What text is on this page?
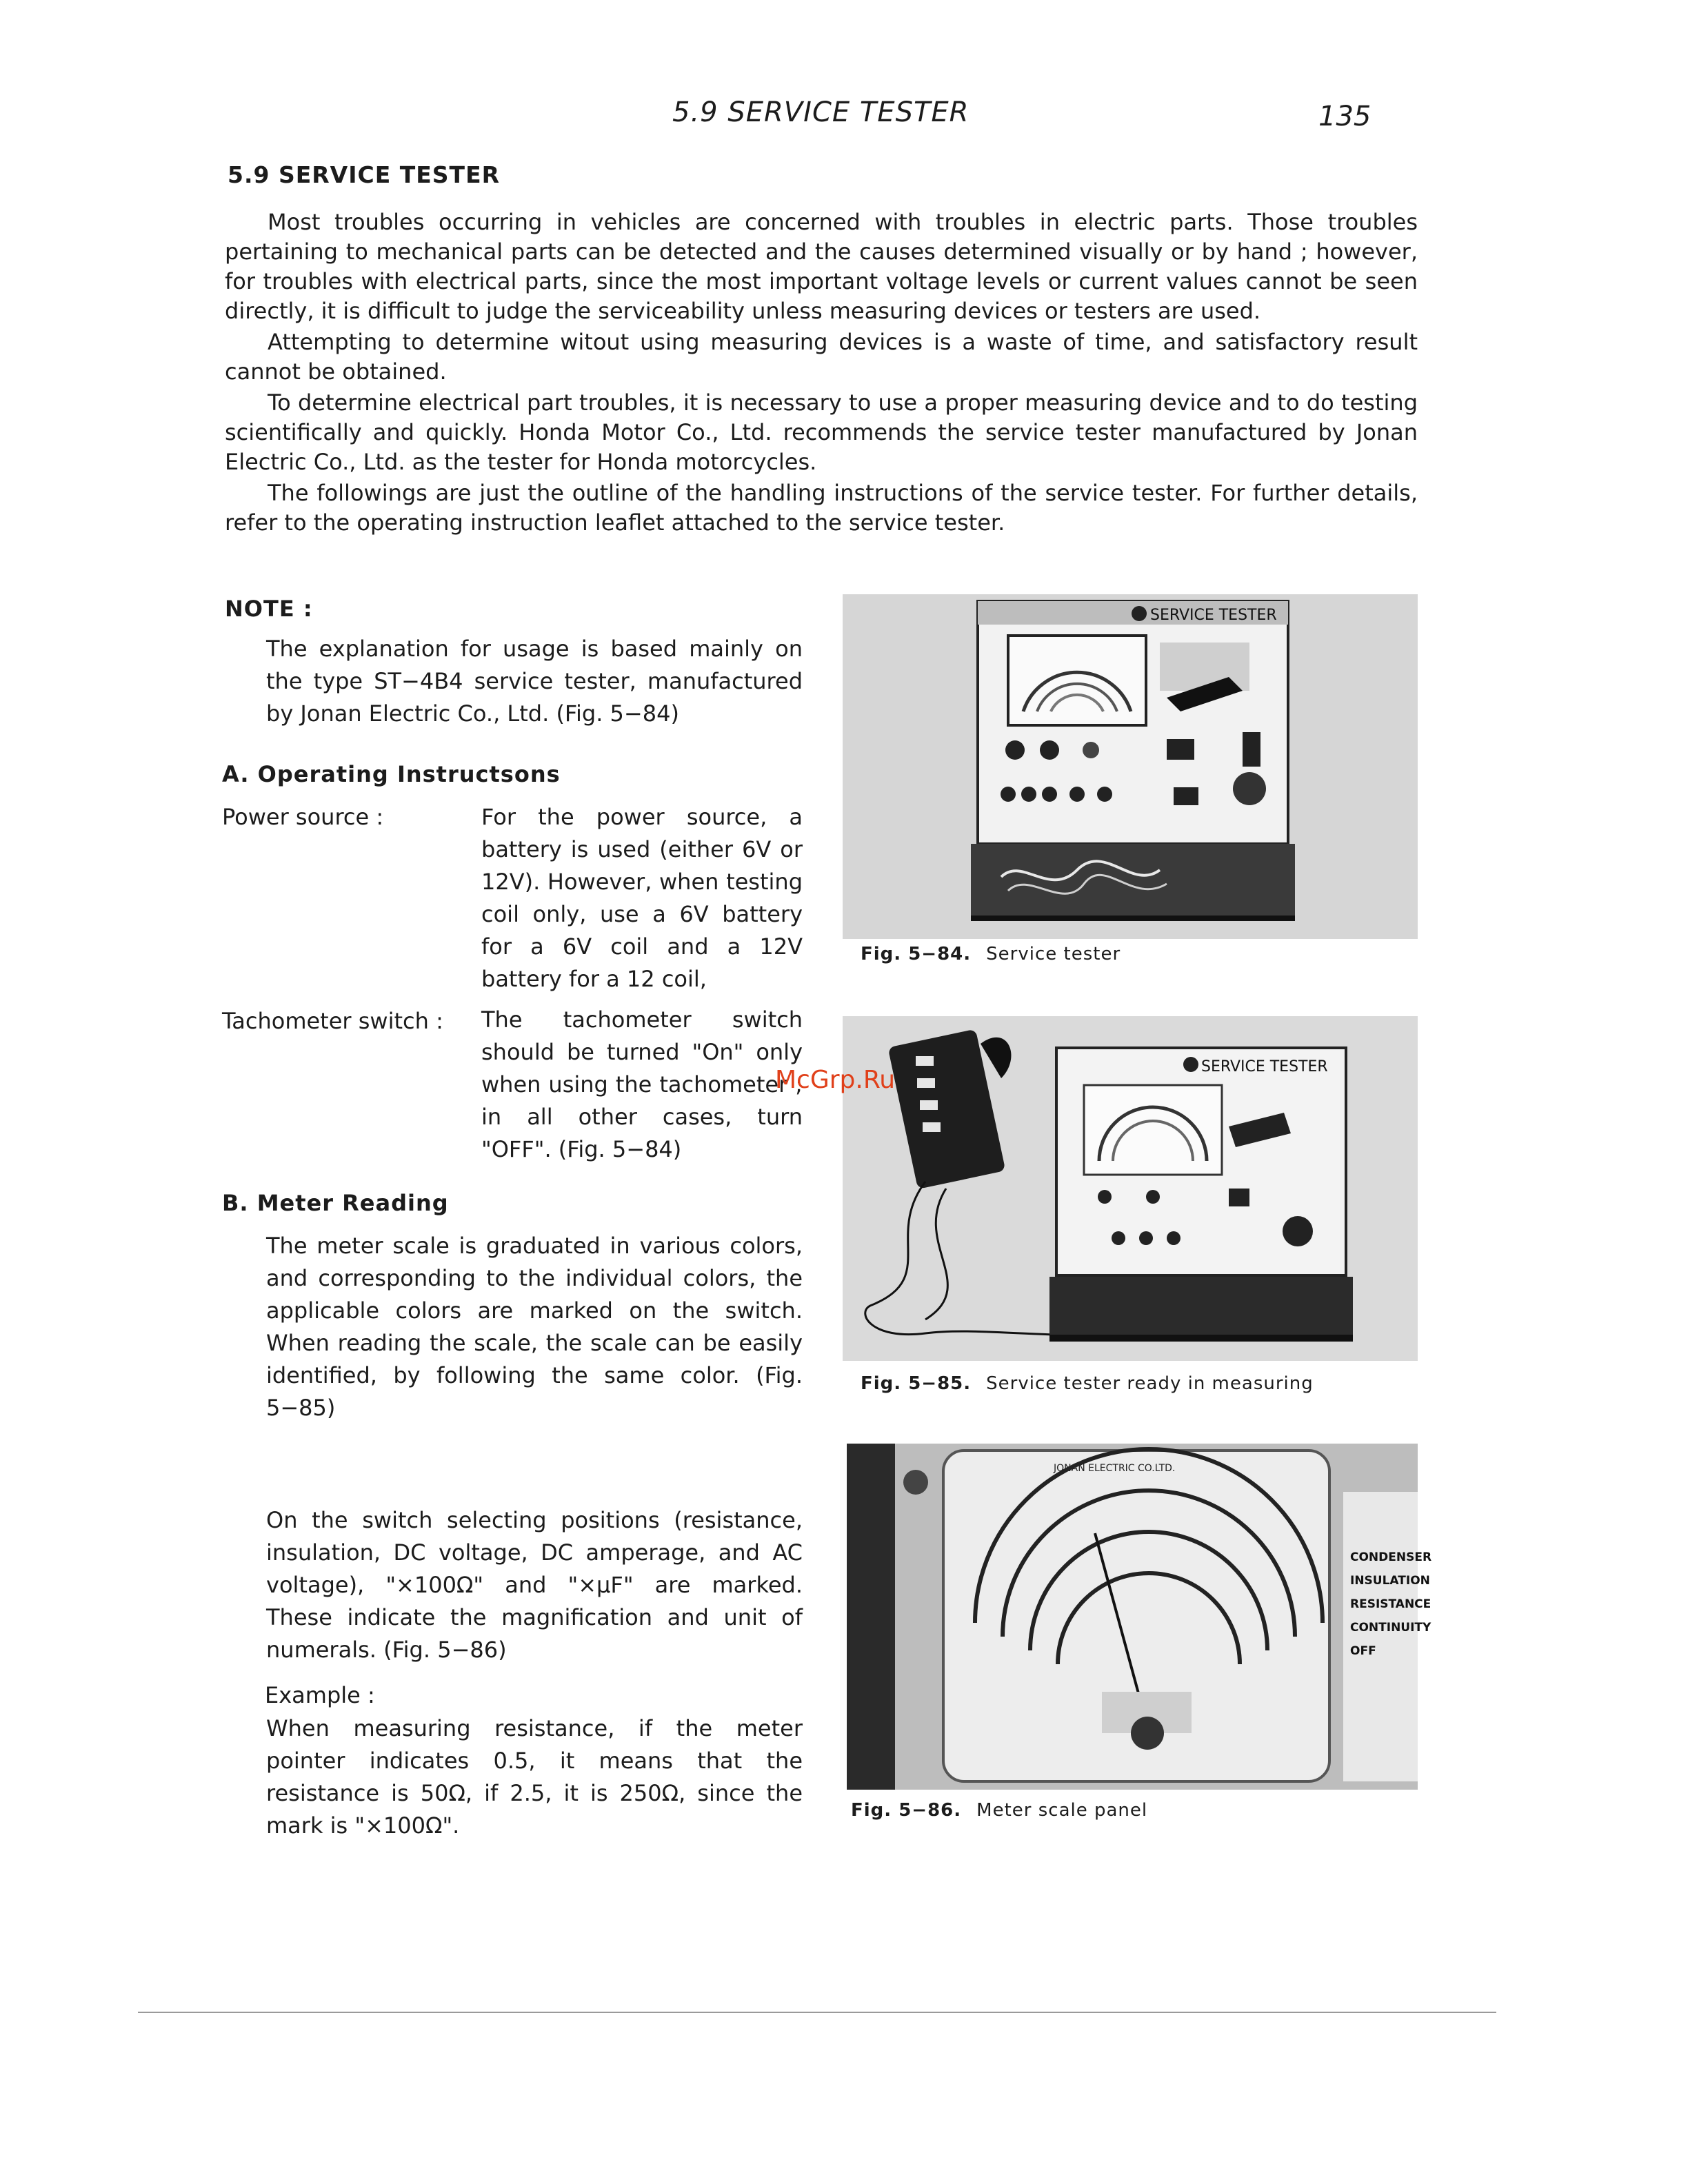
5.9 SERVICE TESTER	135
5.9 SERVICE TESTER

Most troubles occurring in vehicles are concerned with troubles in electric parts. Those troubles pertaining to mechanical parts can be detected and the causes determined visually or by hand ; however, for troubles with electrical parts, since the most important voltage levels or current values cannot be seen directly, it is difficult to judge the serviceability unless measuring devices or testers are used.

Attempting to determine witout using measuring devices is a waste of time, and satisfactory result cannot be obtained.

To determine electrical part troubles, it is necessary to use a proper measuring device and to do testing scientifically and quickly. Honda Motor Co., Ltd. recommends the service tester manufactured by Jonan Electric Co., Ltd. as the tester for Honda motorcycles.

The followings are just the outline of the handling instructions of the service tester. For further details, refer to the operating instruction leaflet attached to the service tester.

NOTE :
The explanation for usage is based mainly on the type ST−4B4 service tester, manufactured by Jonan Electric Co., Ltd. (Fig. 5−84)
A. Operating Instructsons
Power source :	For the power source, a battery is used (either 6V or 12V). However, when testing coil only, use a 6V battery for a 6V coil and a 12V battery for a 12 coil,
Tachometer switch : The tachometer switch should be turned "On" only when using the tachometer ; in all other cases, turn "OFF". (Fig. 5−84)
B. Meter Reading
The meter scale is graduated in various colors, and corresponding to the individual colors, the applicable colors are marked on the switch. When reading the scale, the scale can be easily identified, by following the same color. (Fig. 5−85)
On the switch selecting positions (resistance, insulation, DC voltage, DC amperage, and AC voltage), "×100Ω" and "×μF" are marked. These indicate the magnification and unit of numerals. (Fig. 5−86)
Example :
When measuring resistance, if the meter pointer indicates 0.5, it means that the resistance is 50Ω, if 2.5, it is 250Ω, since the mark is "×100Ω".
SERVICE TESTER
Fig. 5−84. Service tester
SERVICE TESTER
McGrp.Ru
Fig. 5−85. Service tester ready in measuring
JONAN ELECTRIC CO.LTD.
CONDENSER
INSULATION
RESISTANCE
CONTINUITY
OFF
Fig. 5−86. Meter scale panel
